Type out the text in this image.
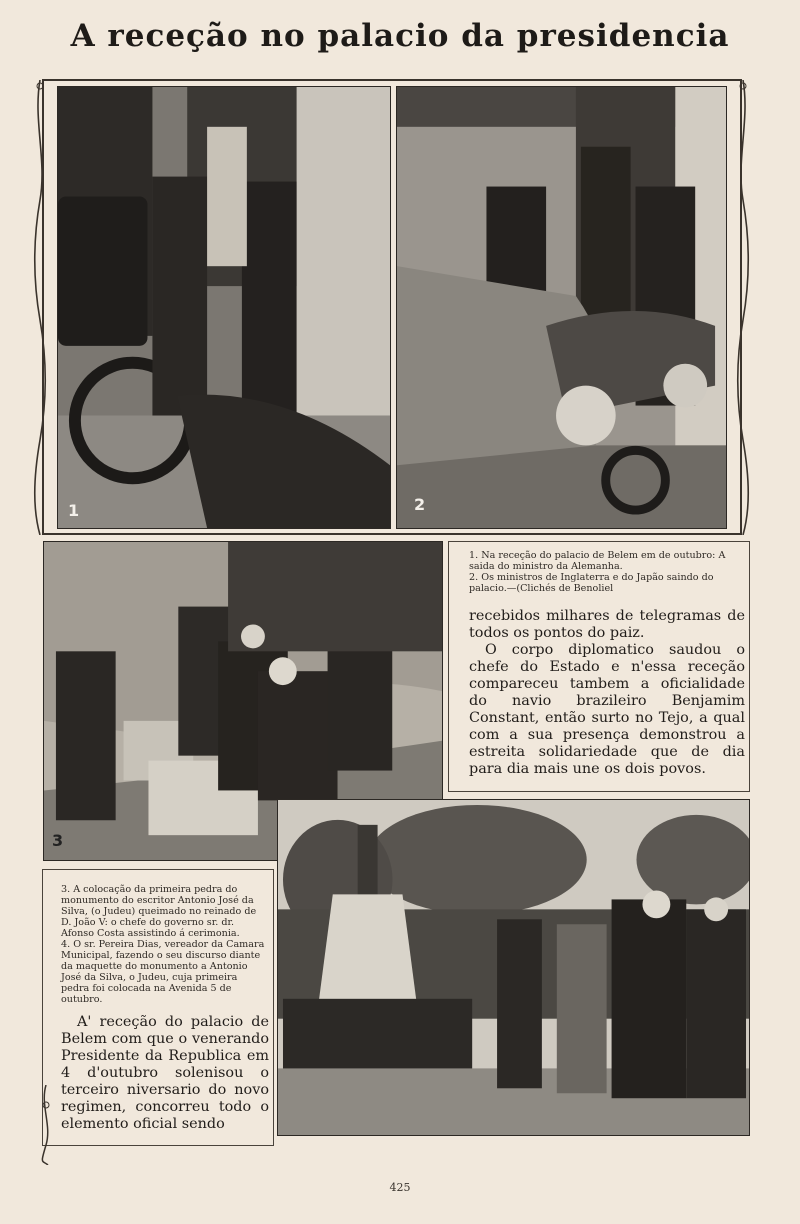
A receção no palacio da presidencia
1	2
3

1. Na receção do palacio de Belem em de outubro: A saida do ministro da Alemanha.

2. Os ministros de Inglaterra e do Japão saindo do palacio.—(Clichés de Benoliel

recebidos milhares de telegramas de todos os pontos do paiz.

O corpo diplomatico saudou o chefe do Estado e n'essa receção compareceu tambem a oficialidade do navio brazileiro Benjamim Constant, então surto no Tejo, a qual com a sua presença demonstrou a estreita solidariedade que de dia para dia mais une os dois povos.

3. A colocação da primeira pedra do monumento do escritor Antonio José da Silva, (o Judeu) queimado no reinado de D. João V: o chefe do governo sr. dr. Afonso Costa assistindo á cerimonia.

4. O sr. Pereira Dias, vereador da Camara Municipal, fazendo o seu discurso diante da maquette do monumento a Antonio José da Silva, o Judeu, cuja primeira pedra foi colocada na Avenida 5 de outubro.

A' receção do palacio de Belem com que o venerando Presidente da Republica em 4 d'outubro solenisou o terceiro niversario do novo regimen, concorreu todo o elemento oficial sendo

425
